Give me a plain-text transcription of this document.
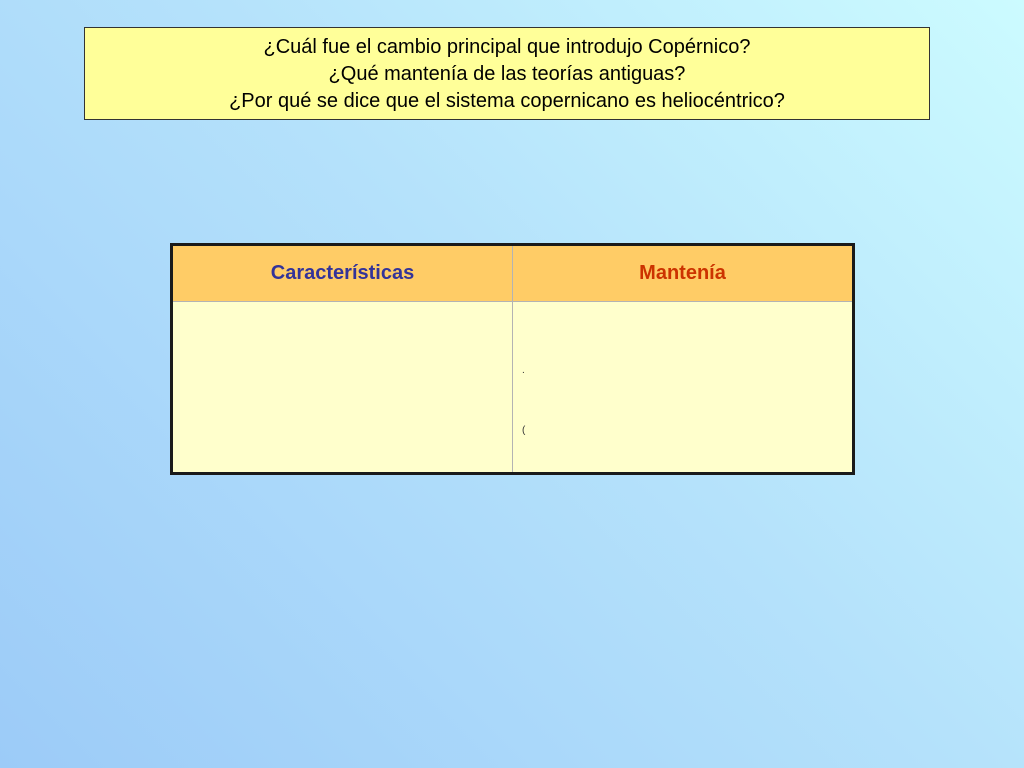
¿Cuál fue el cambio principal que introdujo Copérnico?
¿Qué mantenía de las teorías antiguas?
¿Por qué se dice que el sistema copernicano es heliocéntrico?
Características	Mantenía

	.
(
